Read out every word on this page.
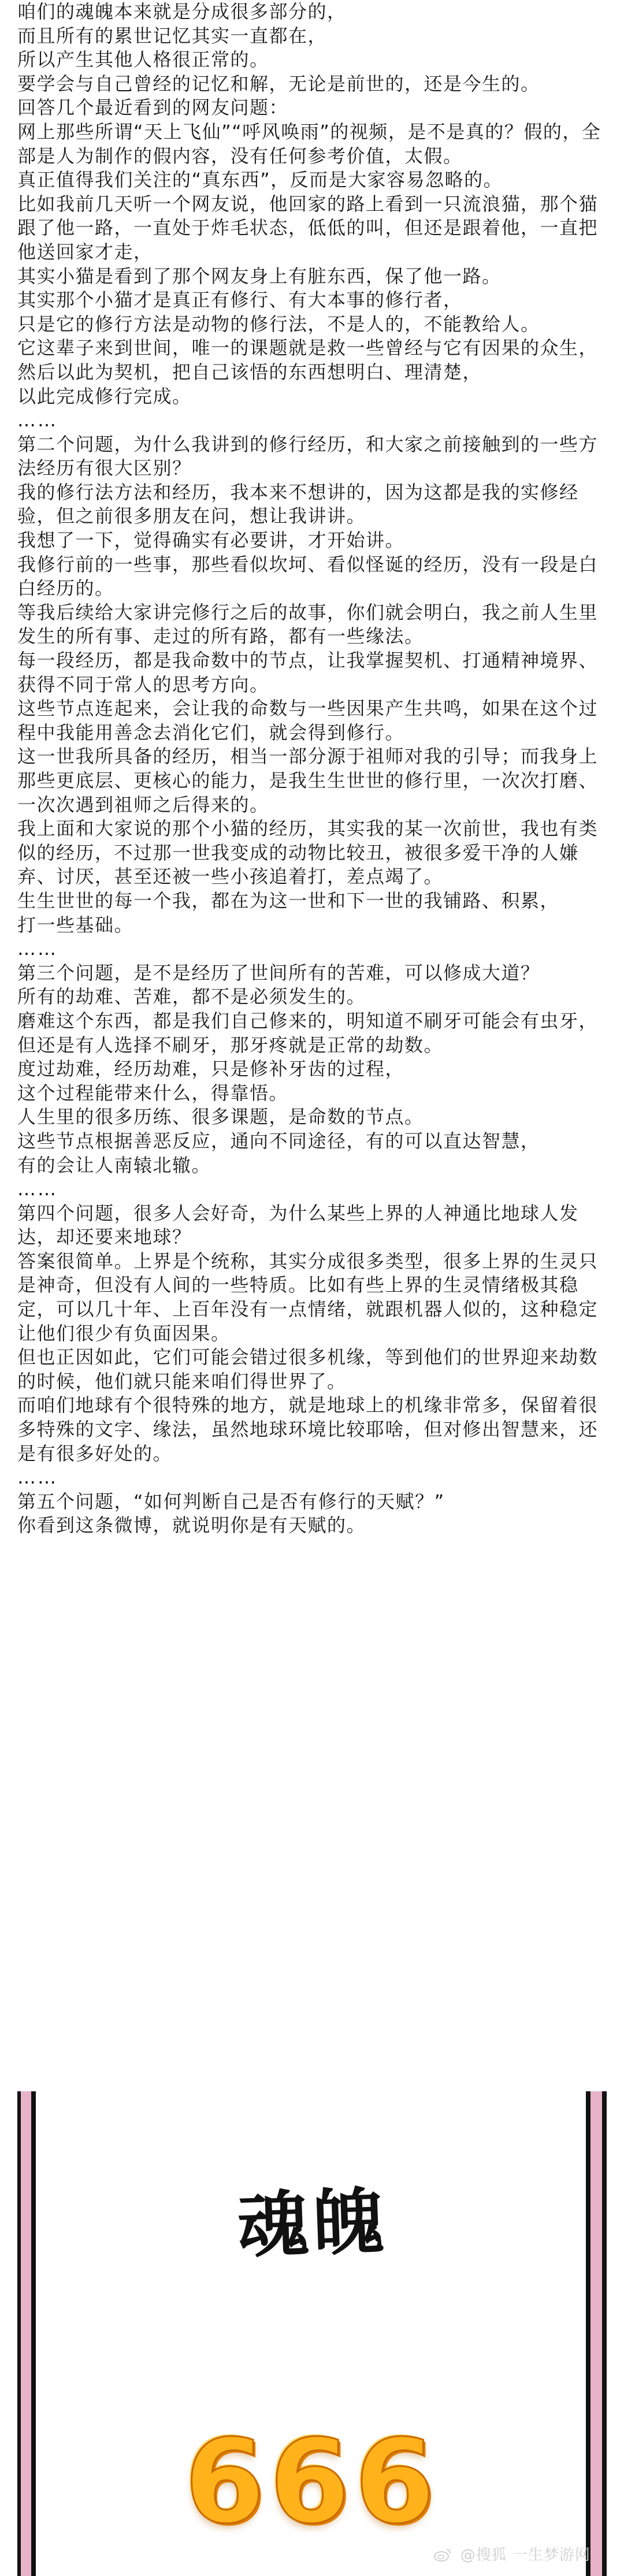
咱们的魂魄本来就是分成很多部分的，

而且所有的累世记忆其实一直都在，

所以产生其他人格很正常的。

要学会与自己曾经的记忆和解，无论是前世的，还是今生的。

回答几个最近看到的网友问题：

网上那些所谓“天上飞仙”“呼风唤雨”的视频，是不是真的？假的，全部是人为制作的假内容，没有任何参考价值，太假。

真正值得我们关注的“真东西”，反而是大家容易忽略的。

比如我前几天听一个网友说，他回家的路上看到一只流浪猫，那个猫跟了他一路，一直处于炸毛状态，低低的叫，但还是跟着他，一直把他送回家才走，

其实小猫是看到了那个网友身上有脏东西，保了他一路。

其实那个小猫才是真正有修行、有大本事的修行者，

只是它的修行方法是动物的修行法，不是人的，不能教给人。

它这辈子来到世间，唯一的课题就是救一些曾经与它有因果的众生，

然后以此为契机，把自己该悟的东西想明白、理清楚，

以此完成修行完成。

……

第二个问题，为什么我讲到的修行经历，和大家之前接触到的一些方法经历有很大区别？

我的修行法方法和经历，我本来不想讲的，因为这都是我的实修经验，但之前很多朋友在问，想让我讲讲。

我想了一下，觉得确实有必要讲，才开始讲。

我修行前的一些事，那些看似坎坷、看似怪诞的经历，没有一段是白白经历的。

等我后续给大家讲完修行之后的故事，你们就会明白，我之前人生里发生的所有事、走过的所有路，都有一些缘法。

每一段经历，都是我命数中的节点，让我掌握契机、打通精神境界、获得不同于常人的思考方向。

这些节点连起来，会让我的命数与一些因果产生共鸣，如果在这个过程中我能用善念去消化它们，就会得到修行。

这一世我所具备的经历，相当一部分源于祖师对我的引导；而我身上那些更底层、更核心的能力，是我生生世世的修行里，一次次打磨、一次次遇到祖师之后得来的。

我上面和大家说的那个小猫的经历，其实我的某一次前世，我也有类似的经历，不过那一世我变成的动物比较丑，被很多爱干净的人嫌弃、讨厌，甚至还被一些小孩追着打，差点竭了。

生生世世的每一个我，都在为这一世和下一世的我铺路、积累，

打一些基础。

……

第三个问题，是不是经历了世间所有的苦难，可以修成大道？

所有的劫难、苦难，都不是必须发生的。

磨难这个东西，都是我们自己修来的，明知道不刷牙可能会有虫牙，但还是有人选择不刷牙，那牙疼就是正常的劫数。

度过劫难，经历劫难，只是修补牙齿的过程，

这个过程能带来什么，得靠悟。

人生里的很多历练、很多课题，是命数的节点。

这些节点根据善恶反应，通向不同途径，有的可以直达智慧，

有的会让人南辕北辙。

……

第四个问题，很多人会好奇，为什么某些上界的人神通比地球人发达，却还要来地球？

答案很简单。上界是个统称，其实分成很多类型，很多上界的生灵只是神奇，但没有人间的一些特质。比如有些上界的生灵情绪极其稳定，可以几十年、上百年没有一点情绪，就跟机器人似的，这种稳定让他们很少有负面因果。

但也正因如此，它们可能会错过很多机缘，等到他们的世界迎来劫数的时候，他们就只能来咱们得世界了。

而咱们地球有个很特殊的地方，就是地球上的机缘非常多，保留着很多特殊的文字、缘法，虽然地球环境比较耶啥，但对修出智慧来，还是有很多好处的。

……

第五个问题，“如何判断自己是否有修行的天赋？”

你看到这条微博，就说明你是有天赋的。

魂魄
666
@搜狐 一生梦游网
